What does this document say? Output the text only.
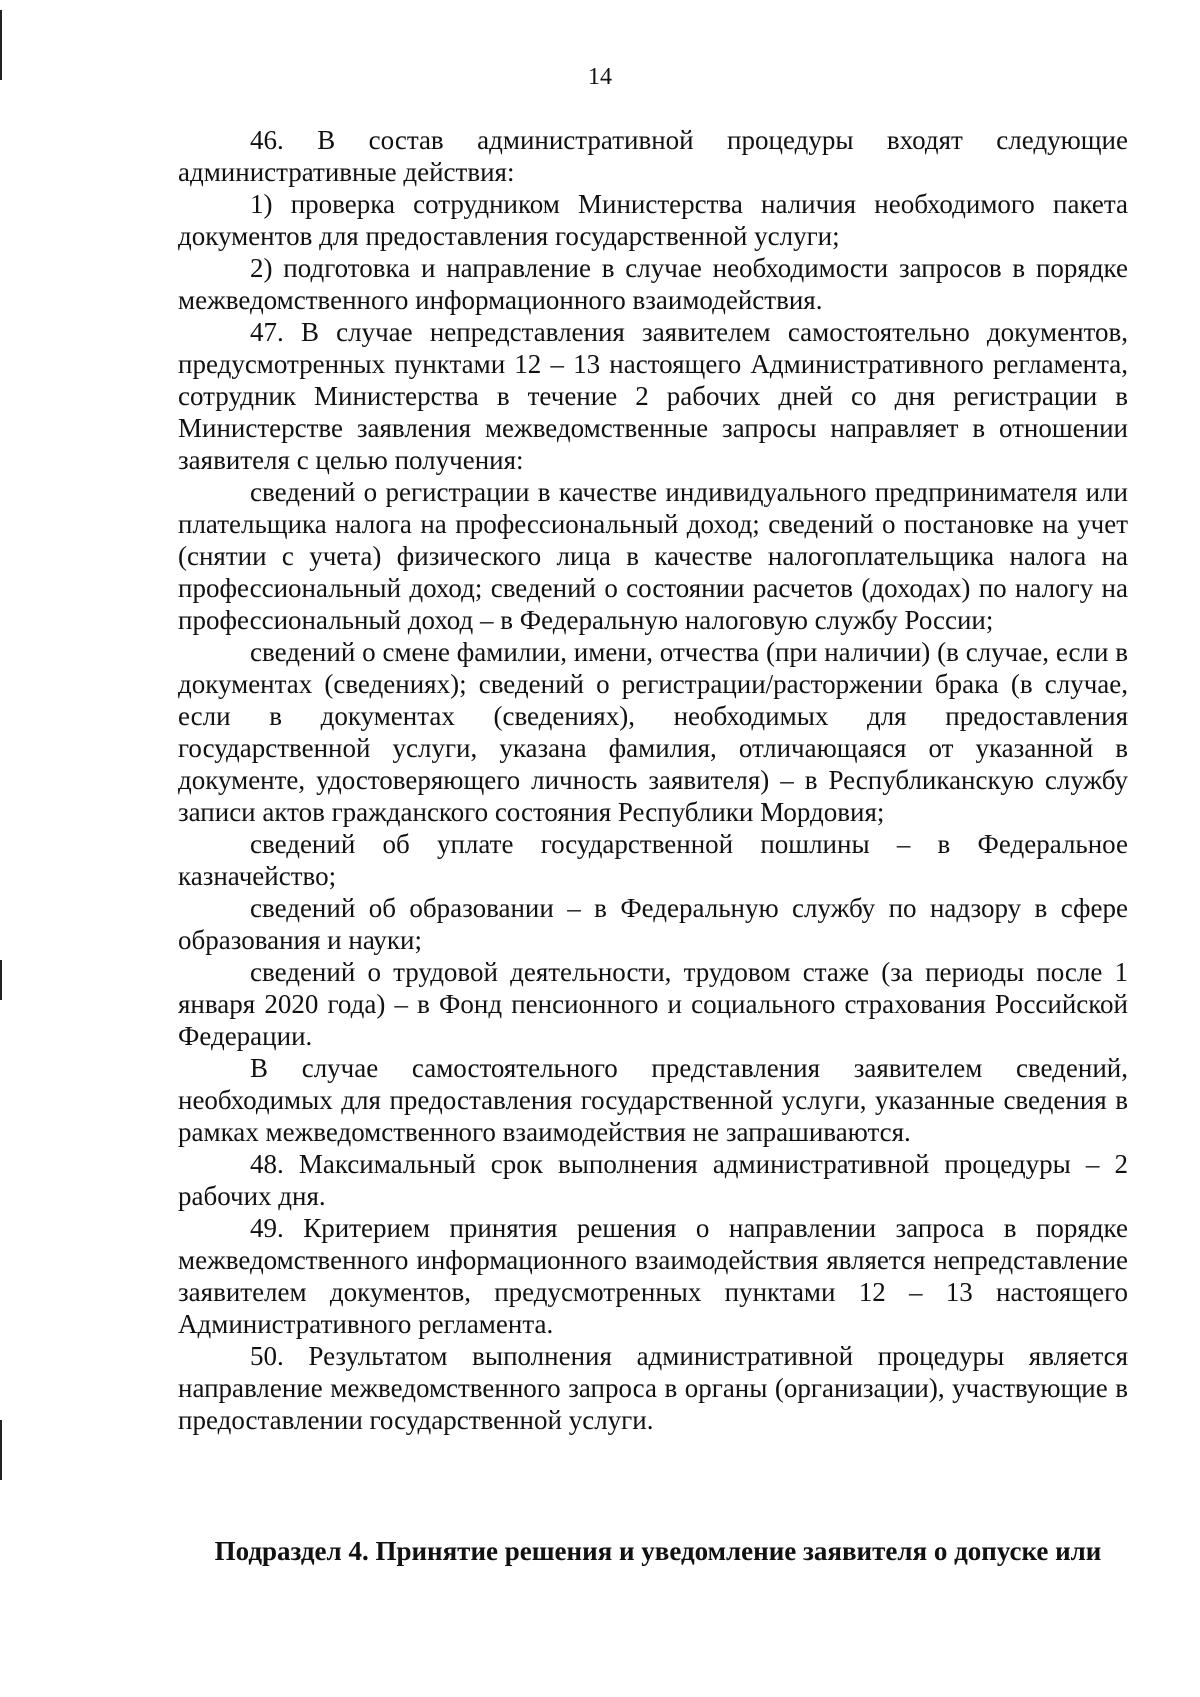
14

46. В состав административной процедуры входят следующие административные действия:

1) проверка сотрудником Министерства наличия необходимого пакета документов для предоставления государственной услуги;

2) подготовка и направление в случае необходимости запросов в порядке межведомственного информационного взаимодействия.

47. В случае непредставления заявителем самостоятельно документов, предусмотренных пунктами 12 – 13 настоящего Административного регламента, сотрудник Министерства в течение 2 рабочих дней со дня регистрации в Министерстве заявления межведомственные запросы направляет в отношении заявителя с целью получения:

сведений о регистрации в качестве индивидуального предпринимателя или плательщика налога на профессиональный доход; сведений о постановке на учет (снятии с учета) физического лица в качестве налогоплательщика налога на профессиональный доход; сведений о состоянии расчетов (доходах) по налогу на профессиональный доход – в Федеральную налоговую службу России;

сведений о смене фамилии, имени, отчества (при наличии) (в случае, если в документах (сведениях); сведений о регистрации/расторжении брака (в случае, если в документах (сведениях), необходимых для предоставления государственной услуги, указана фамилия, отличающаяся от указанной в документе, удостоверяющего личность заявителя) – в Республиканскую службу записи актов гражданского состояния Республики Мордовия;

сведений об уплате государственной пошлины – в Федеральное казначейство;

сведений об образовании – в Федеральную службу по надзору в сфере образования и науки;

сведений о трудовой деятельности, трудовом стаже (за периоды после 1 января 2020 года) – в Фонд пенсионного и социального страхования Российской Федерации.

В случае самостоятельного представления заявителем сведений, необходимых для предоставления государственной услуги, указанные сведения в рамках межведомственного взаимодействия не запрашиваются.

48. Максимальный срок выполнения административной процедуры – 2 рабочих дня.

49. Критерием принятия решения о направлении запроса в порядке межведомственного информационного взаимодействия является непредставление заявителем документов, предусмотренных пунктами 12 – 13 настоящего Административного регламента.

50. Результатом выполнения административной процедуры является направление межведомственного запроса в органы (организации), участвующие в предоставлении государственной услуги.

Подраздел 4. Принятие решения и уведомление заявителя о допуске или
